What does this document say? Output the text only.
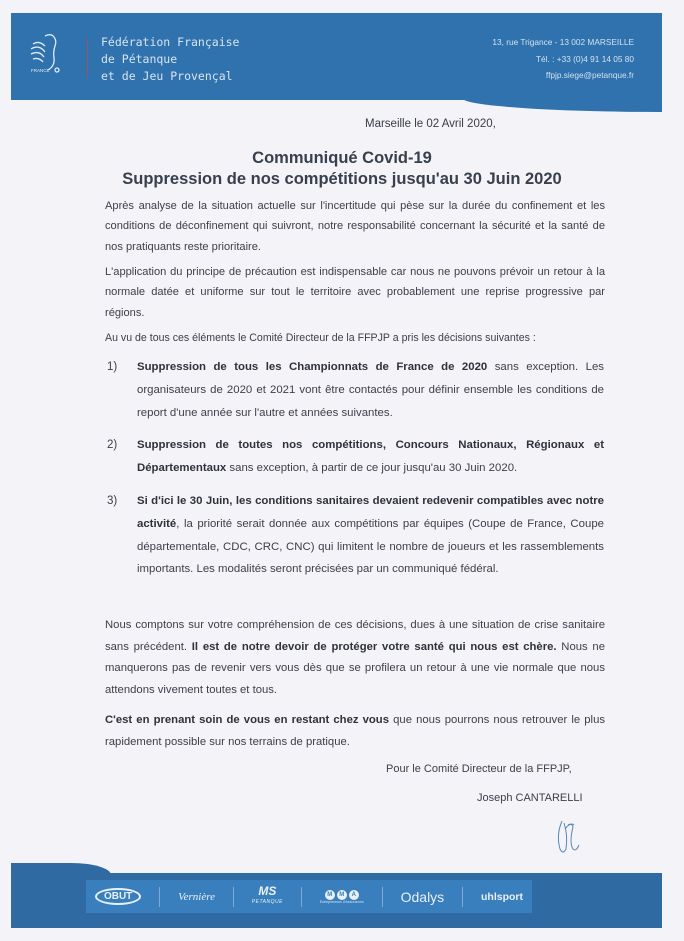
FRANCE
Fédération Française
de Pétanque
et de Jeu Provençal
13, rue Trigance - 13 002 MARSEILLE
Tél. : +33 (0)4 91 14 05 80
ffpjp.siege@petanque.fr
Marseille le 02 Avril 2020,
Communiqué Covid-19
Suppression de nos compétitions jusqu'au 30 Juin 2020
Après analyse de la situation actuelle sur l'incertitude qui pèse sur la durée du confinement et les conditions de déconfinement qui suivront, notre responsabilité concernant la sécurité et la santé de nos pratiquants reste prioritaire.
L'application du principe de précaution est indispensable car nous ne pouvons prévoir un retour à la normale datée et uniforme sur tout le territoire avec probablement une reprise progressive par régions.
Au vu de tous ces éléments le Comité Directeur de la FFPJP a pris les décisions suivantes :
1) Suppression de tous les Championnats de France de 2020 sans exception. Les organisateurs de 2020 et 2021 vont être contactés pour définir ensemble les conditions de report d'une année sur l'autre et années suivantes.
2) Suppression de toutes nos compétitions, Concours Nationaux, Régionaux et Départementaux sans exception, à partir de ce jour jusqu'au 30 Juin 2020.
3) Si d'ici le 30 Juin, les conditions sanitaires devaient redevenir compatibles avec notre activité, la priorité serait donnée aux compétitions par équipes (Coupe de France, Coupe départementale, CDC, CRC, CNC) qui limitent le nombre de joueurs et les rassemblements importants. Les modalités seront précisées par un communiqué fédéral.
Nous comptons sur votre compréhension de ces décisions, dues à une situation de crise sanitaire sans précédent. Il est de notre devoir de protéger votre santé qui nous est chère. Nous ne manquerons pas de revenir vers vous dès que se profilera un retour à une vie normale que nous attendons vivement toutes et tous.
C'est en prenant soin de vous en restant chez vous que nous pourrons nous retrouver le plus rapidement possible sur nos terrains de pratique.
Pour le Comité Directeur de la FFPJP,
Joseph CANTARELLI
OBUT	Vernière	MS
PETANQUE
M	M	A
Entrepreneurs d'Assurances	Odalys	uhlsport
